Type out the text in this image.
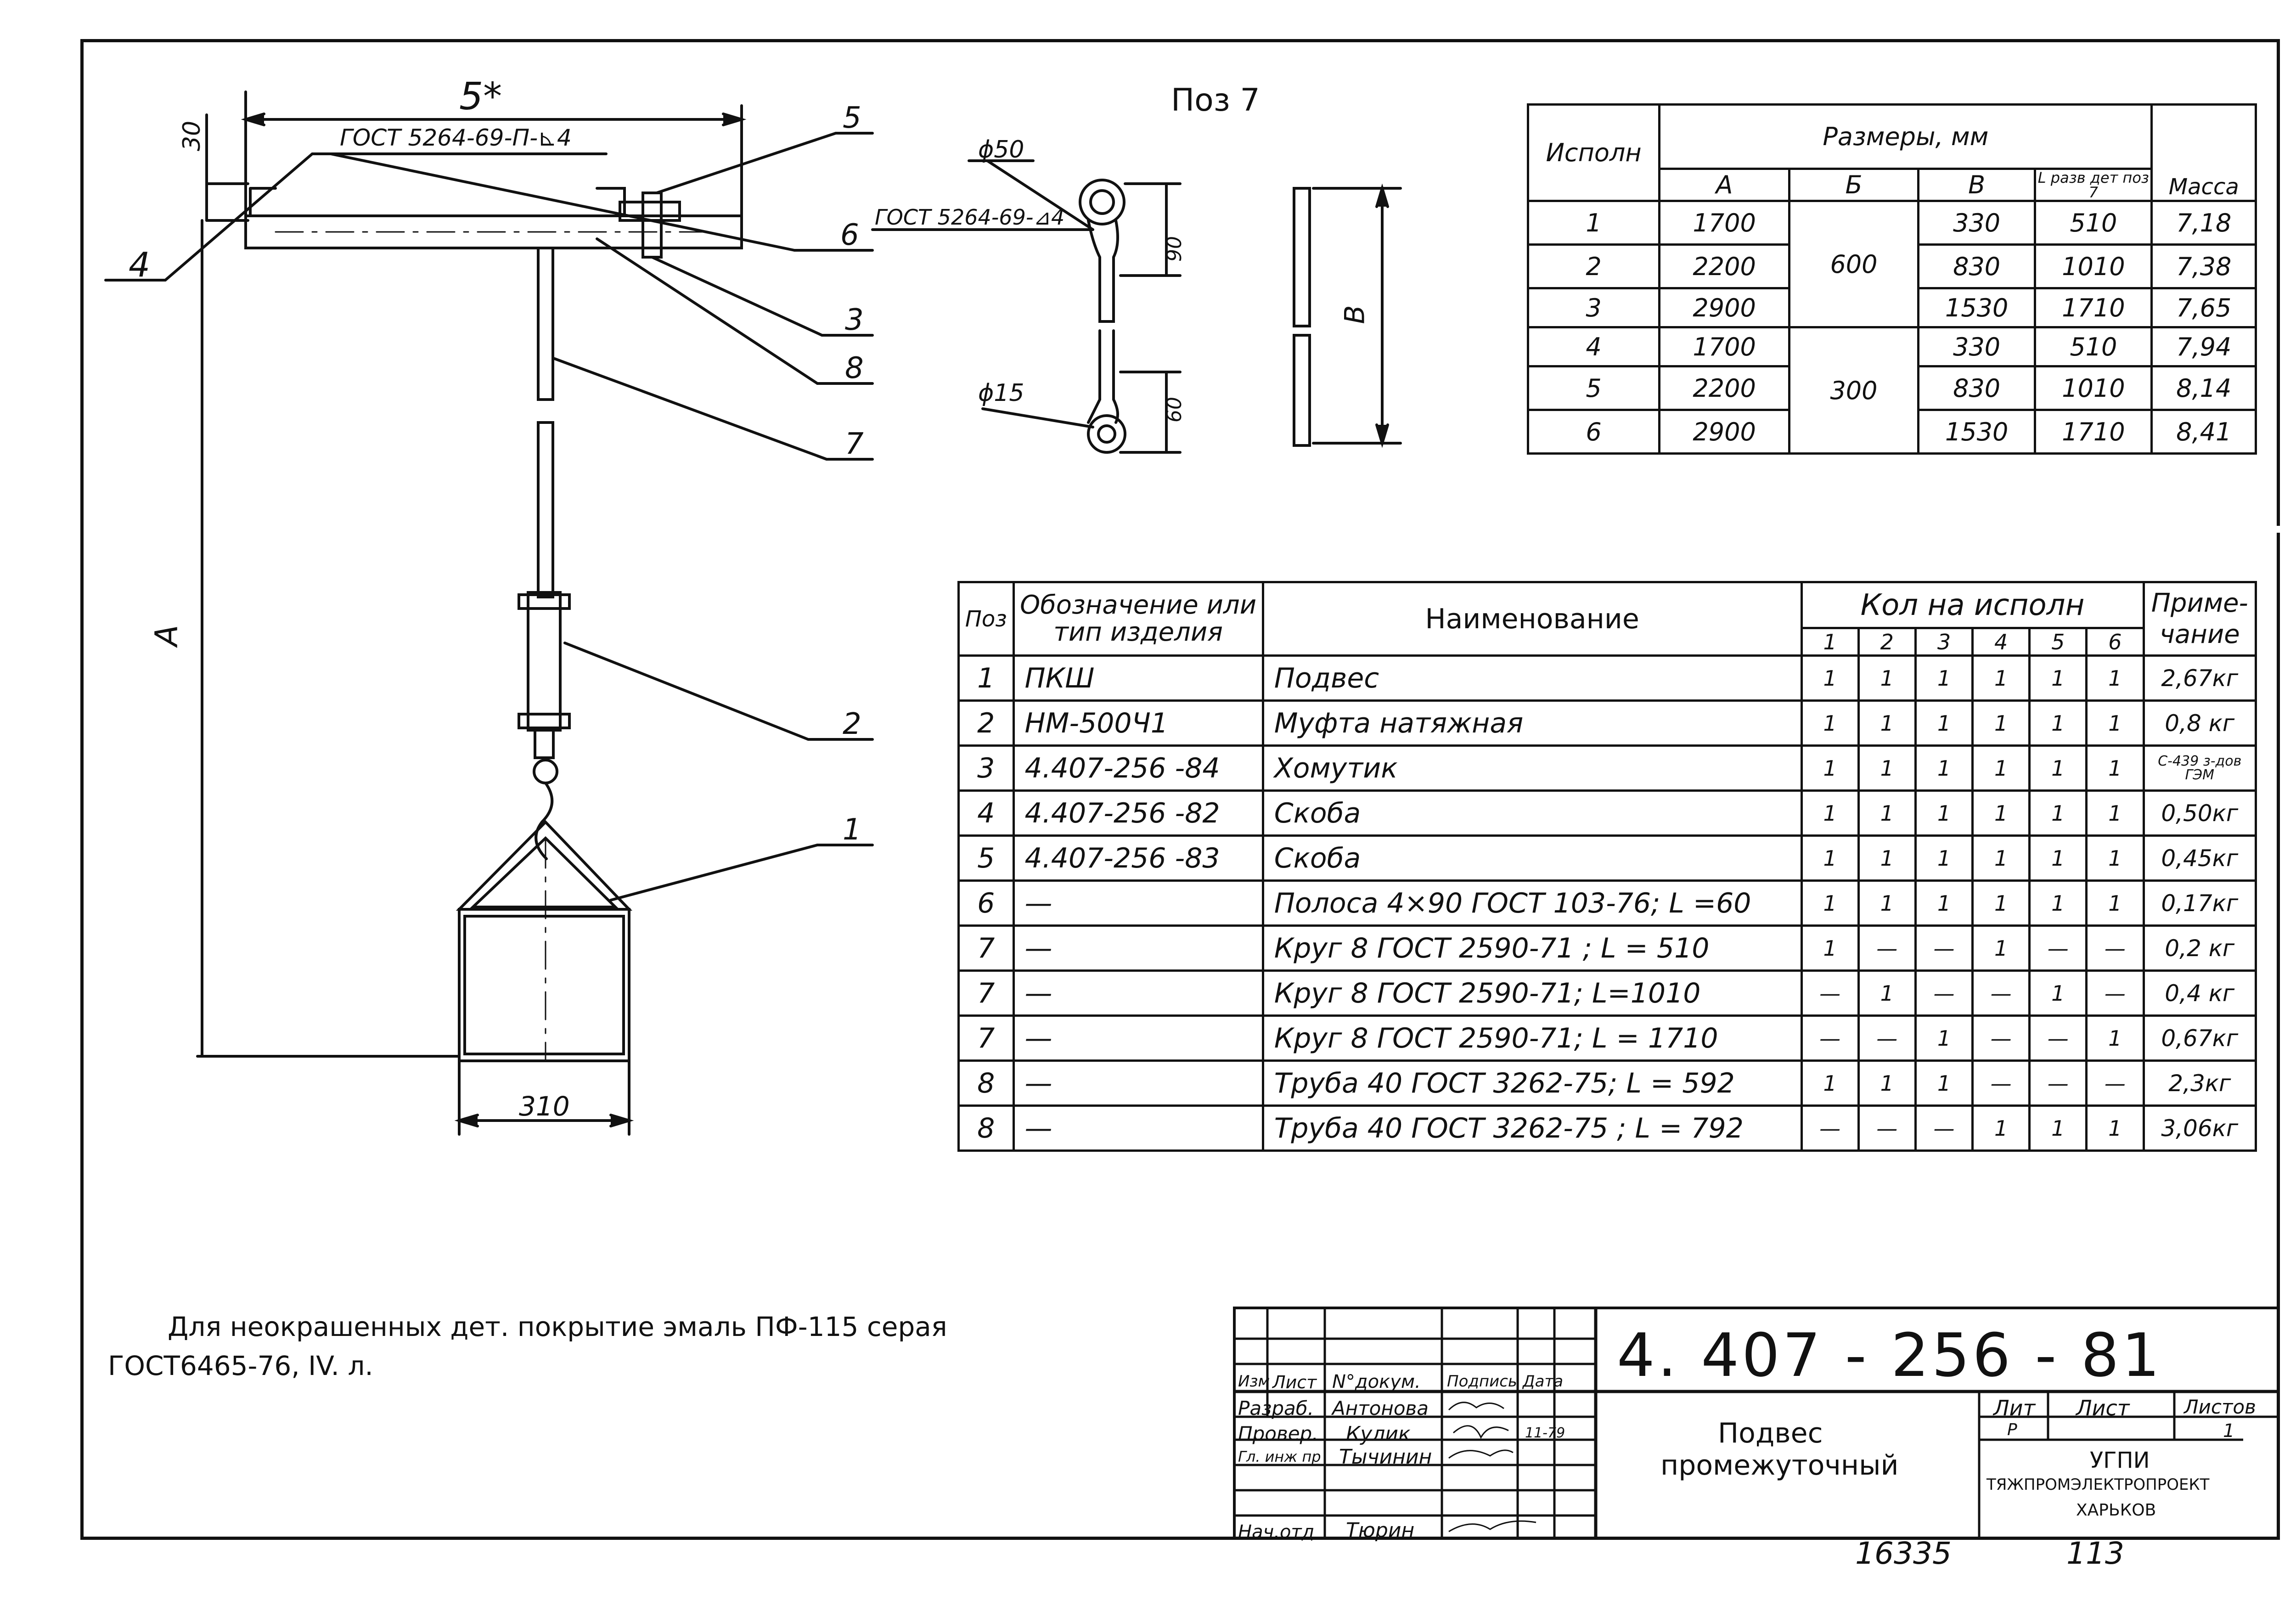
5*
30	ГОСТ 5264-69-П-⊾4
A
310
4
5
6
3
8
7
2
1
Поз 7
ϕ50
ГОСТ 5264-69-⊿4
90
ϕ15
60
В
Исполн	Размеры, мм				Масса

	А	Б	В	L разв дет поз 7	
1	1700	600	330	510	7,18
2	2200		830	1010	7,38
3	2900		1530	1710	7,65
4	1700	300	330	510	7,94
5	2200		830	1010	8,14
6	2900		1530	1710	8,41
Поз	Обозначение или тип изделия	Наименование	Кол на исполн						Приме- чание
			1	2	3	4	5	6	
1	ПКШ	Подвес	1	1	1	1	1	1	2,67кг
2	НМ-500Ч1	Муфта натяжная	1	1	1	1	1	1	0,8 кг
3	4.407-256 -84	Хомутик	1	1	1	1	1	1	С-439 з-дов ГЭМ
4	4.407-256 -82	Скоба	1	1	1	1	1	1	0,50кг
5	4.407-256 -83	Скоба	1	1	1	1	1	1	0,45кг
6	—	Полоса 4×90 ГОСТ 103-76; L =60	1	1	1	1	1	1	0,17кг
7	—	Круг 8 ГОСТ 2590-71 ; L = 510	1	—	—	1	—	—	0,2 кг
7	—	Круг 8 ГОСТ 2590-71; L=1010	—	1	—	—	1	—	0,4 кг
7	—	Круг 8 ГОСТ 2590-71; L = 1710	—	—	1	—	—	1	0,67кг
8	—	Труба 40 ГОСТ 3262-75; L = 592	1	1	1	—	—	—	2,3кг
8	—	Труба 40 ГОСТ 3262-75 ; L = 792	—	—	—	1	1	1	3,06кг
Для неокрашенных дет. покрытие эмаль ПФ-115 серая
ГОСТ6465-76, IV. л.	Изм Лист N°докум. Подпись Дата
Разраб. Антонова
Провер. Кулик	11-79
Гл. инж пр Тычинин
Нач.отд Тюрин
4. 407 - 256 - 81
Подвес
промежуточный
Лит Лист	Листов
Р	1
УГПИ
ТЯЖПРОМЭЛЕКТРОПРОЕКТ
ХАРЬКОВ
16335	113
